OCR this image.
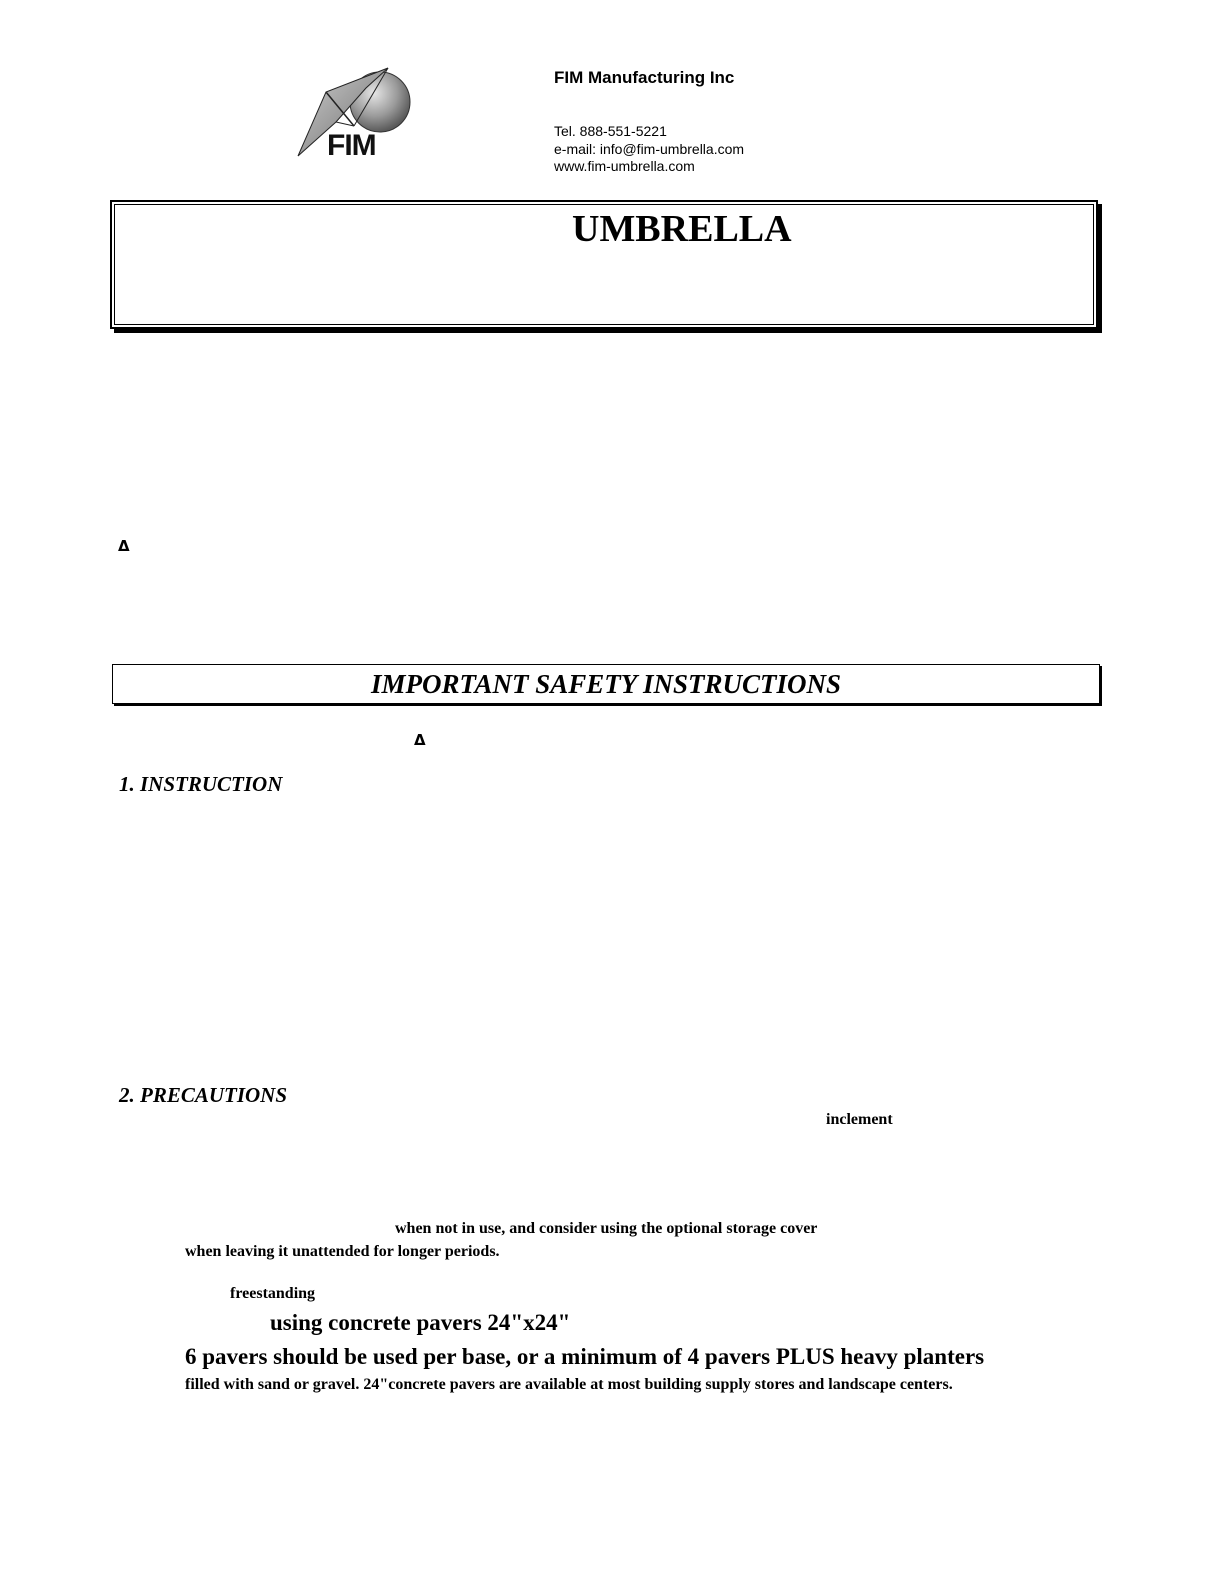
FIM
FIM Manufacturing Inc
Tel. 888-551-5221
e-mail: info@fim-umbrella.com
www.fim-umbrella.com
UMBRELLA
Δ
IMPORTANT SAFETY INSTRUCTIONS
Δ
1. INSTRUCTION
2. PRECAUTIONS
inclement
when not in use, and consider using the optional storage cover
when leaving it unattended for longer periods.
freestanding
using concrete pavers 24"x24"
6 pavers should be used per base, or a minimum of 4 pavers PLUS heavy planters
filled with sand or gravel. 24"concrete pavers are available at most building supply stores and landscape centers.
